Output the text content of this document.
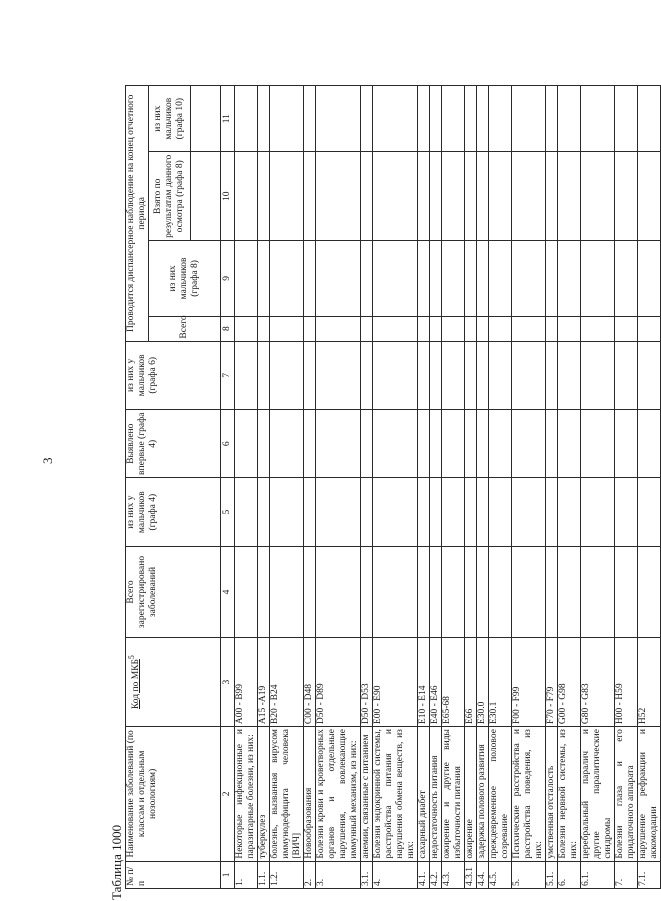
3
Таблица 1000 № п/п	Наименование заболеваний (по классам и отдельным нозологиям)	Код по МКБ$^5$	Всего зарегистрировано заболеваний	из них у мальчиков (графа 4)	Выявлено впервые (графа 4)	из них у мальчиков (графа 6)	Проводится диспансерное наблюдение на конец отчетного периода			
							Всего	из них мальчиков (графа 8)	Взято по результатам данного осмотра (графа 8)	из них мальчиков (графа 10)

1	2	3	4	5	6	7	8	9	10	11
1.	Некоторые инфекционные и паразитарные болезни, из них:	A00 - B99								
1.1.	туберкулез	A15 -A19								
1.2.	болезнь, вызванная вирусом иммунодефицита человека [ВИЧ]	B20 - B24								
2.	Новообразования	C00 - D48								
3.	Болезни крови и кроветворных органов и отдельные нарушения, вовлекающие иммунный механизм, из них:	D50 - D89								
3.1.	анемии, связанные с питанием	D50 - D53								
4.	Болезни эндокринной системы, расстройства питания и нарушения обмена веществ, из них:	E00 - E90								
4.1.	сахарный диабет	E10 - E14								
4.2.	недостаточность питания	E40 - E46								
4.3.	ожирение и другие виды избыточности питания	E65-68								
4.3.1	ожирение	E66								
4.4.	задержка полового развития	E30.0								
4.5.	преждевременное половое созревание	E30.1								
5.	Психические расстройства и расстройства поведения, из них:	F00 - F99								
5.1.	умственная отсталость	F70 - F79								
6.	Болезни нервной системы, из них:	G00 - G98								
6.1.	церебральный паралич и другие паралитические синдромы	G80 - G83								
7.	Болезни глаза и его придаточного аппарата	H00 - H59								
7.1.	нарушение рефракции и аккомодации	H52								
